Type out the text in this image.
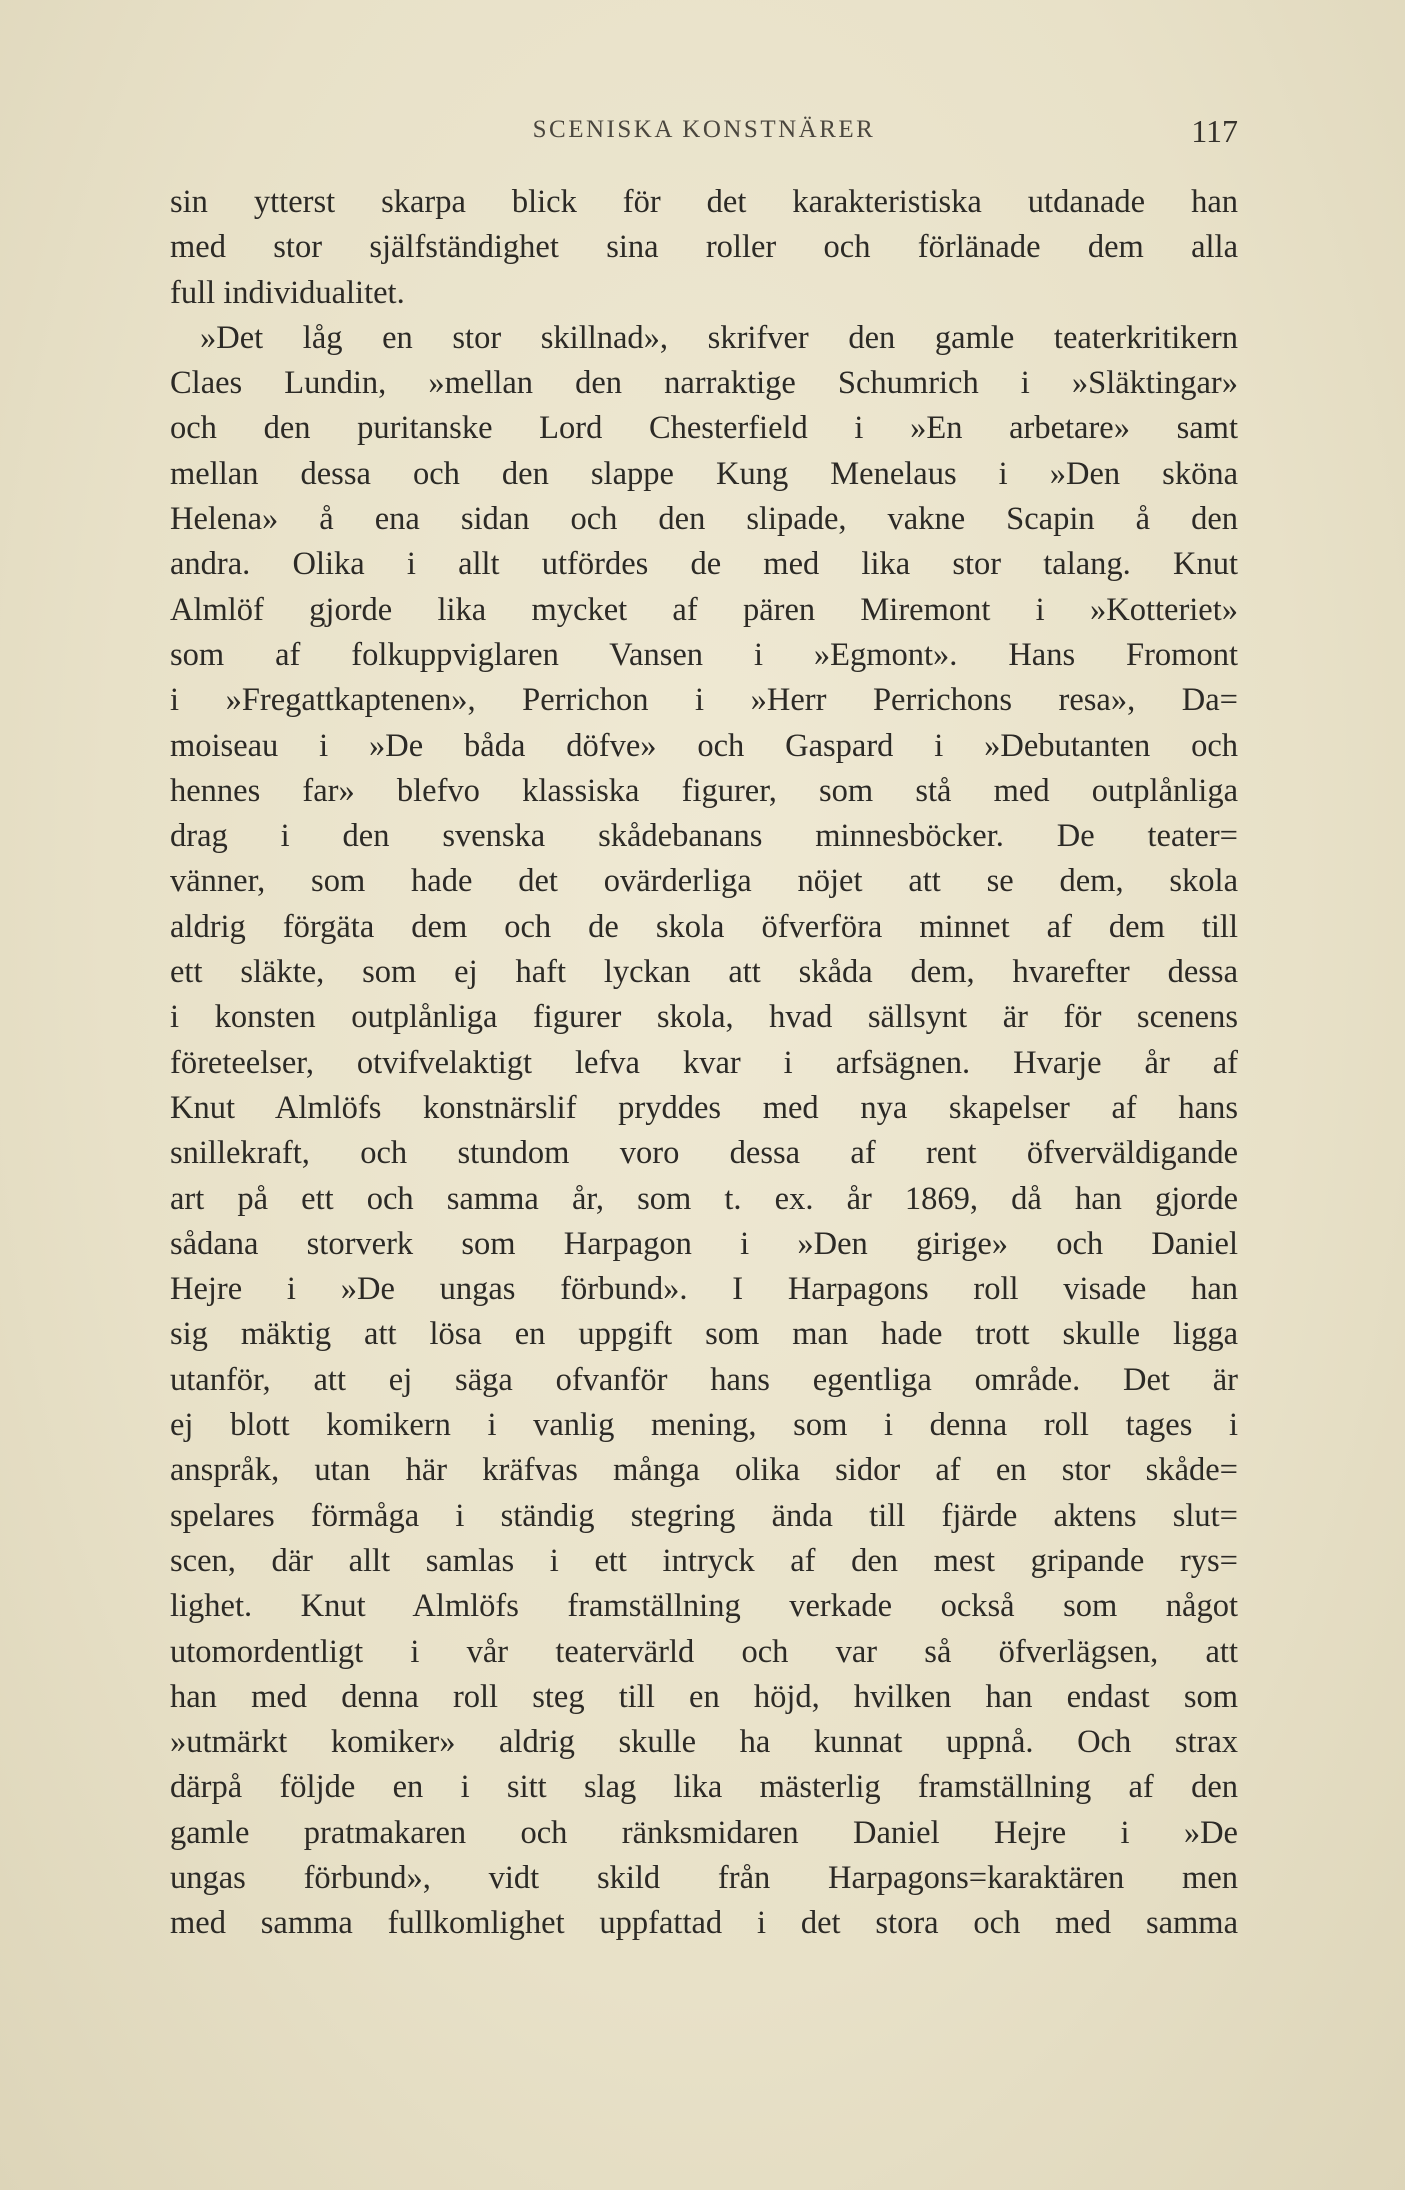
SCENISKA KONSTNÄRER	117
sin ytterst skarpa blick för det karakteristiska utdanade han
med stor själfständighet sina roller och förlänade dem alla
full individualitet.
»Det låg en stor skillnad», skrifver den gamle teaterkritikern
Claes Lundin, »mellan den narraktige Schumrich i »Släktingar»
och den puritanske Lord Chesterfield i »En arbetare» samt
mellan dessa och den slappe Kung Menelaus i »Den sköna
Helena» å ena sidan och den slipade, vakne Scapin å den
andra. Olika i allt utfördes de med lika stor talang. Knut
Almlöf gjorde lika mycket af pären Miremont i »Kotteriet»
som af folkuppviglaren Vansen i »Egmont». Hans Fromont
i »Fregattkaptenen», Perrichon i »Herr Perrichons resa», Da=
moiseau i »De båda döfve» och Gaspard i »Debutanten och
hennes far» blefvo klassiska figurer, som stå med outplånliga
drag i den svenska skådebanans minnesböcker. De teater=
vänner, som hade det ovärderliga nöjet att se dem, skola
aldrig förgäta dem och de skola öfverföra minnet af dem till
ett släkte, som ej haft lyckan att skåda dem, hvarefter dessa
i konsten outplånliga figurer skola, hvad sällsynt är för scenens
företeelser, otvifvelaktigt lefva kvar i arfsägnen. Hvarje år af
Knut Almlöfs konstnärslif pryddes med nya skapelser af hans
snillekraft, och stundom voro dessa af rent öfverväldigande
art på ett och samma år, som t. ex. år 1869, då han gjorde
sådana storverk som Harpagon i »Den girige» och Daniel
Hejre i »De ungas förbund». I Harpagons roll visade han
sig mäktig att lösa en uppgift som man hade trott skulle ligga
utanför, att ej säga ofvanför hans egentliga område. Det är
ej blott komikern i vanlig mening, som i denna roll tages i
anspråk, utan här kräfvas många olika sidor af en stor skåde=
spelares förmåga i ständig stegring ända till fjärde aktens slut=
scen, där allt samlas i ett intryck af den mest gripande rys=
lighet. Knut Almlöfs framställning verkade också som något
utomordentligt i vår teatervärld och var så öfverlägsen, att
han med denna roll steg till en höjd, hvilken han endast som
»utmärkt komiker» aldrig skulle ha kunnat uppnå. Och strax
därpå följde en i sitt slag lika mästerlig framställning af den
gamle pratmakaren och ränksmidaren Daniel Hejre i »De
ungas förbund», vidt skild från Harpagons=karaktären men
med samma fullkomlighet uppfattad i det stora och med samma
